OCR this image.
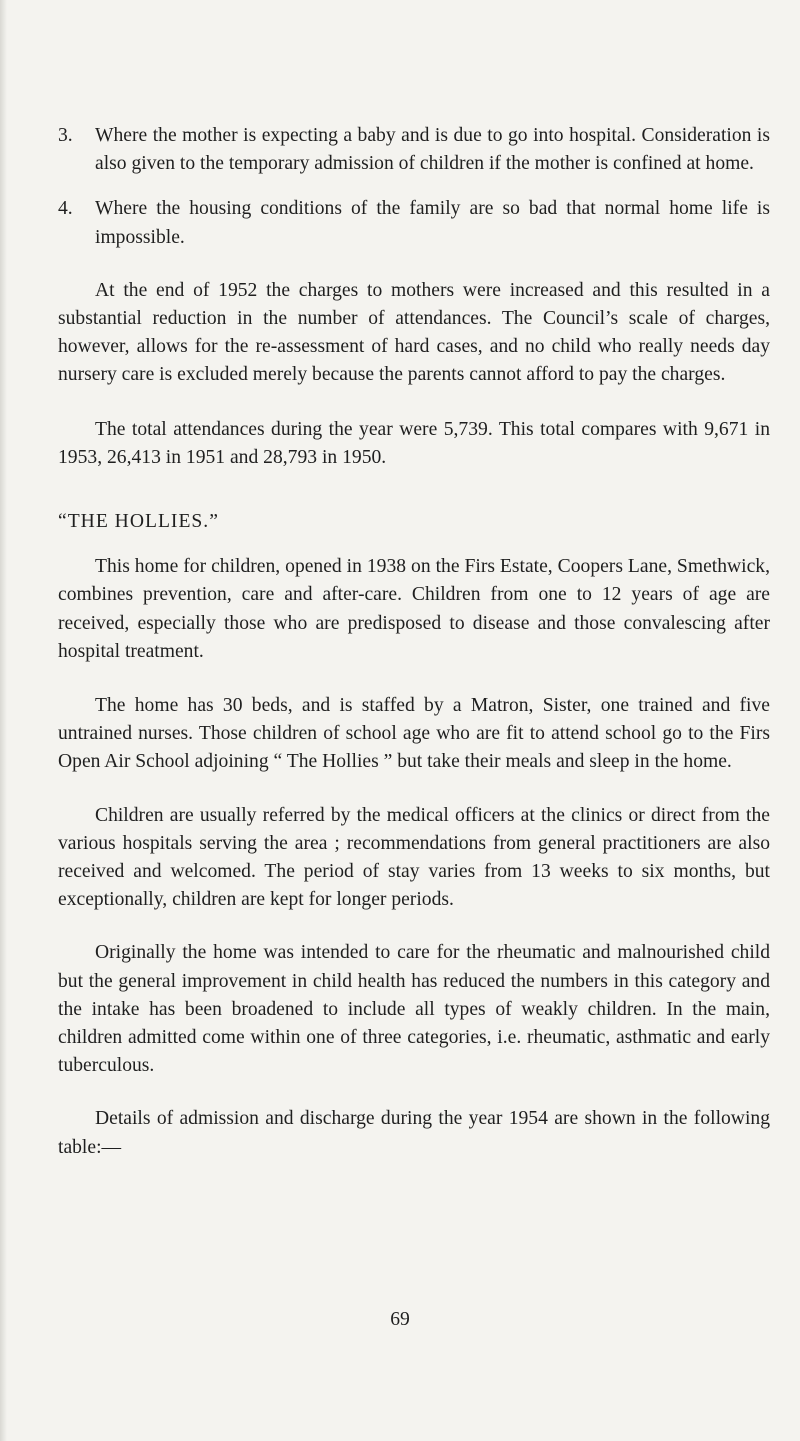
3.	Where the mother is expecting a baby and is due to go into hospital. Consideration is also given to the temporary admission of children if the mother is confined at home.

4.	Where the housing conditions of the family are so bad that normal home life is impossible.

At the end of 1952 the charges to mothers were increased and this resulted in a substantial reduction in the number of attendances. The Council’s scale of charges, however, allows for the re-assessment of hard cases, and no child who really needs day nursery care is excluded merely because the parents cannot afford to pay the charges.

The total attendances during the year were 5,739. This total compares with 9,671 in 1953, 26,413 in 1951 and 28,793 in 1950.

“THE HOLLIES.”

This home for children, opened in 1938 on the Firs Estate, Coopers Lane, Smethwick, combines prevention, care and after-care. Children from one to 12 years of age are received, especially those who are predisposed to disease and those convalescing after hospital treatment.

The home has 30 beds, and is staffed by a Matron, Sister, one trained and five untrained nurses. Those children of school age who are fit to attend school go to the Firs Open Air School adjoining “ The Hollies ” but take their meals and sleep in the home.

Children are usually referred by the medical officers at the clinics or direct from the various hospitals serving the area ; recommendations from general practitioners are also received and welcomed. The period of stay varies from 13 weeks to six months, but exceptionally, children are kept for longer periods.

Originally the home was intended to care for the rheumatic and malnourished child but the general improvement in child health has reduced the numbers in this category and the intake has been broadened to include all types of weakly children. In the main, children admitted come within one of three categories, i.e. rheumatic, asthmatic and early tuberculous.

Details of admission and discharge during the year 1954 are shown in the following table:—

69
